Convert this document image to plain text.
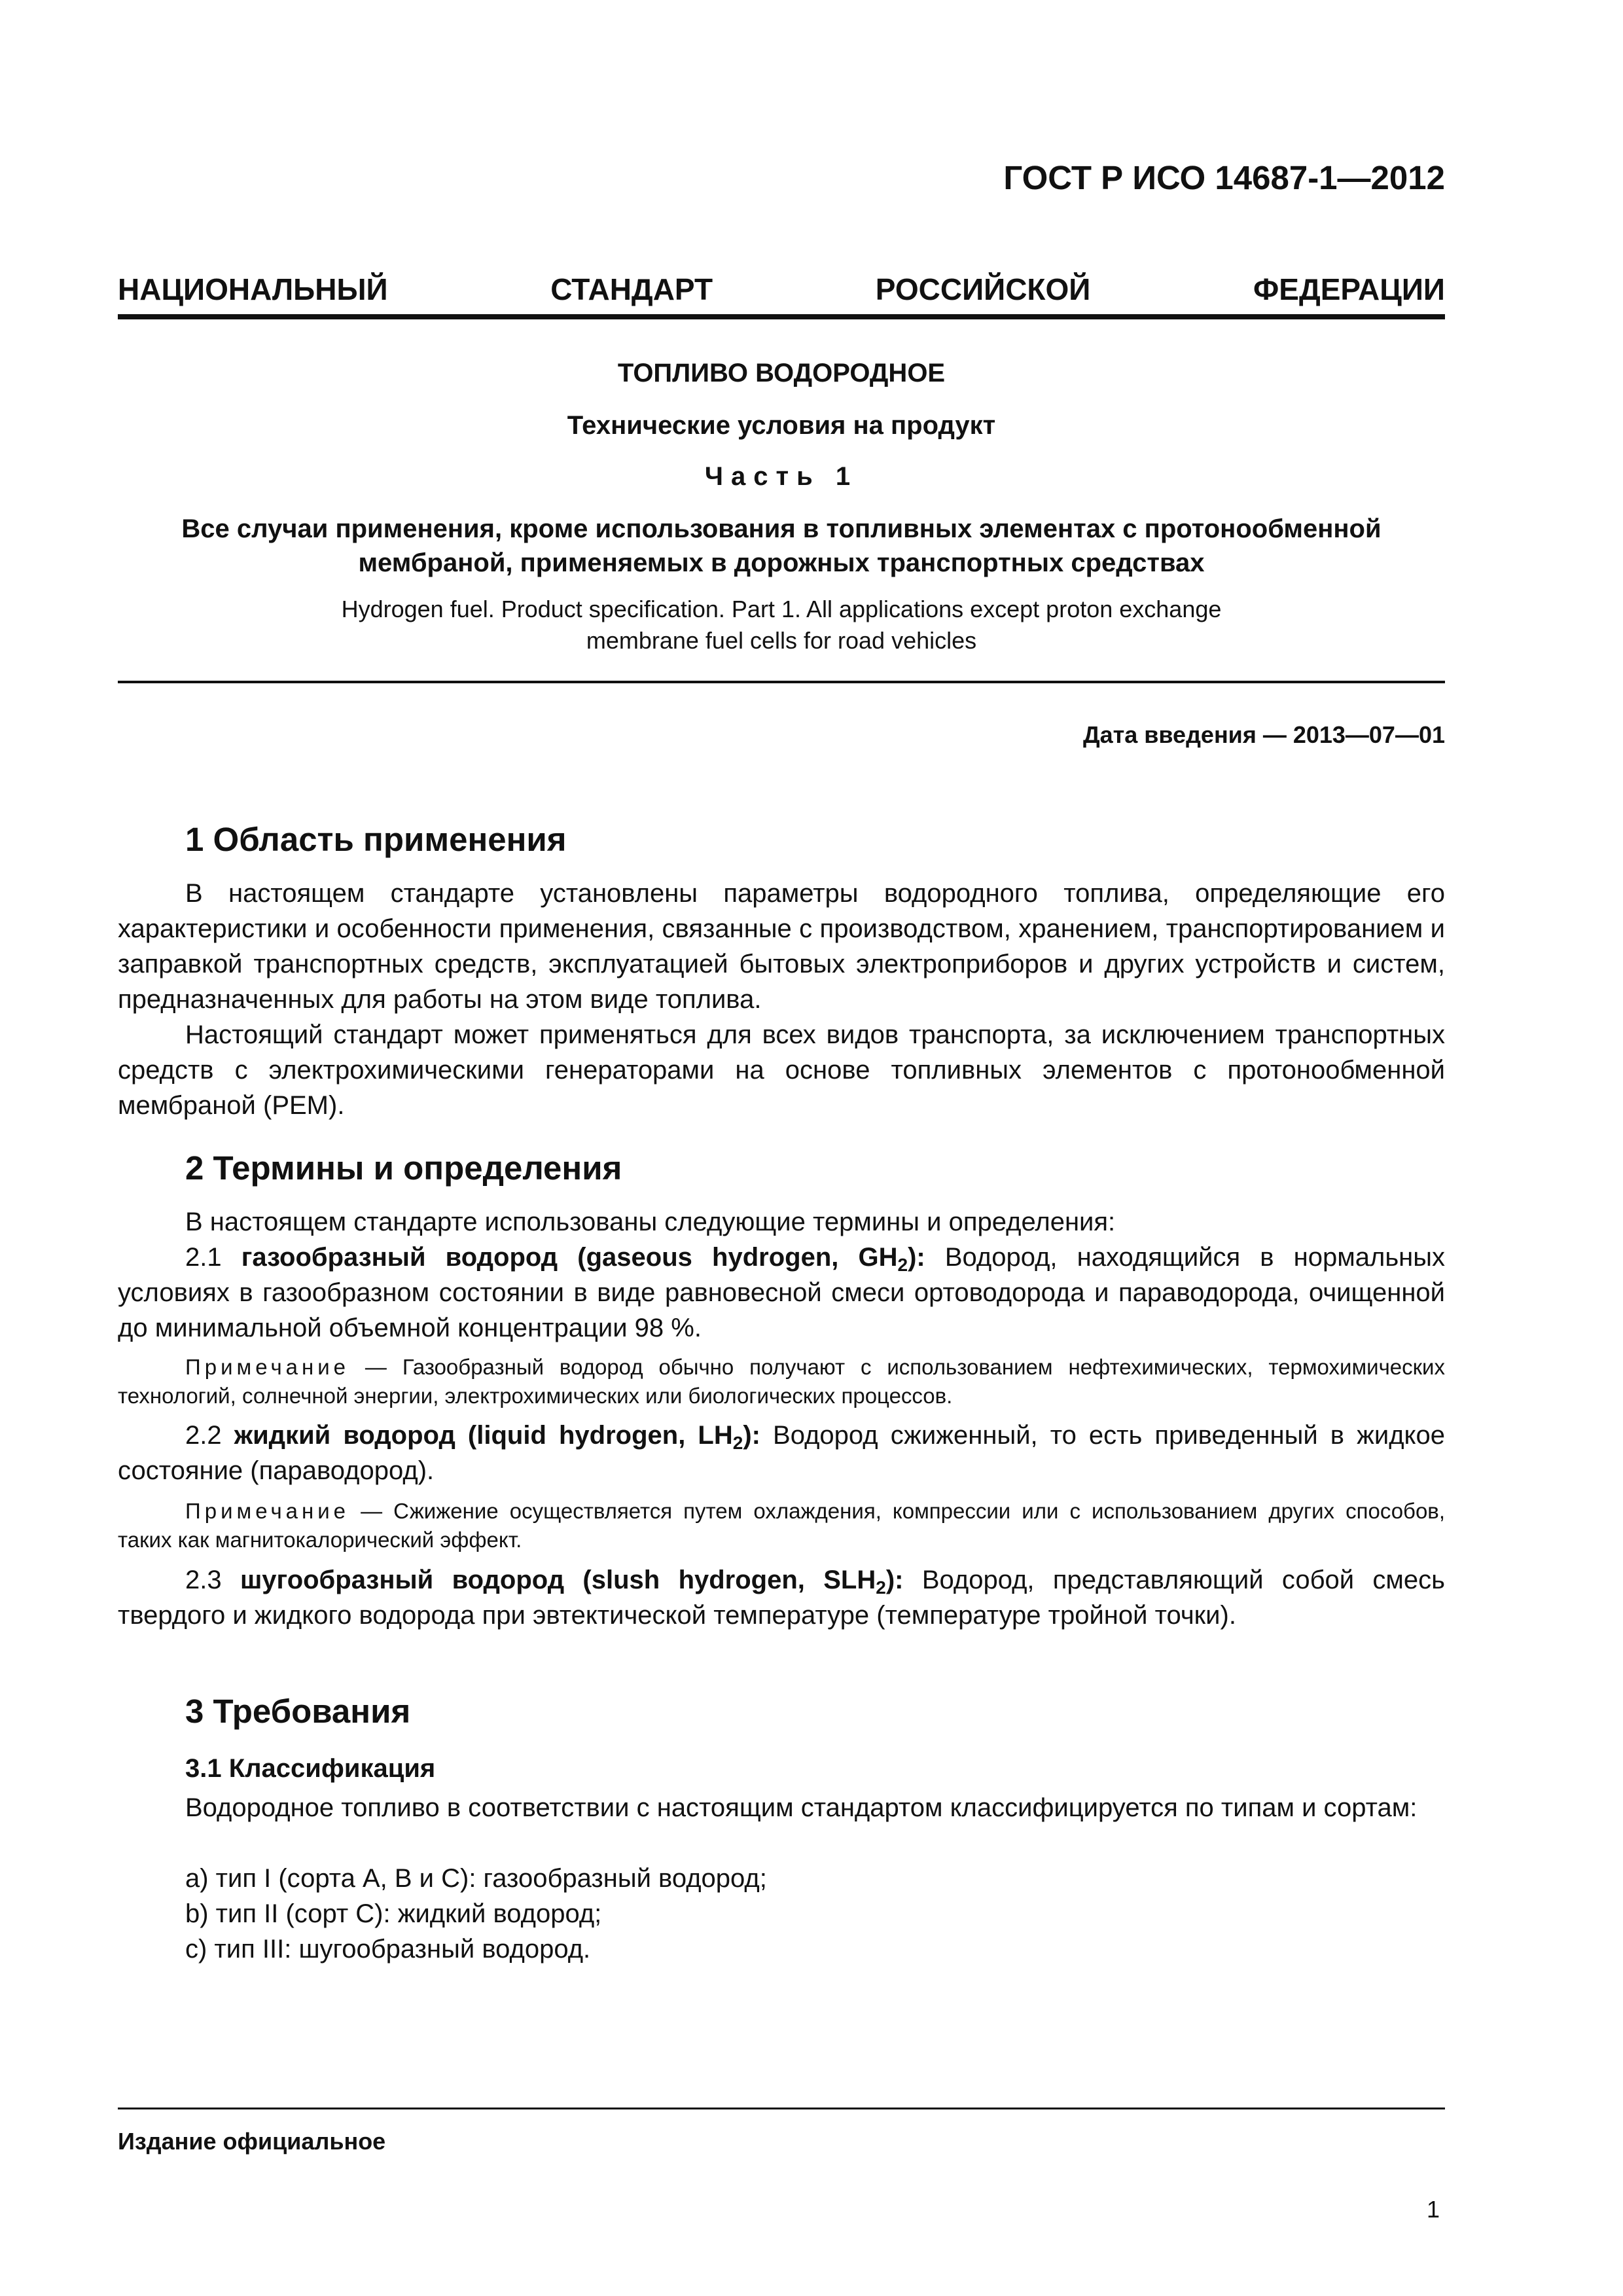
ГОСТ Р ИСО 14687-1—2012
НАЦИОНАЛЬНЫЙ	СТАНДАРТ	РОССИЙСКОЙ	ФЕДЕРАЦИИ
ТОПЛИВО ВОДОРОДНОЕ
Технические условия на продукт
Часть 1
Все случаи применения, кроме использования в топливных элементах с протонообменной
мембраной, применяемых в дорожных транспортных средствах
Hydrogen fuel. Product specification. Part 1. All applications except proton exchange
membrane fuel cells for road vehicles
Дата введения — 2013—07—01
1 Область применения

В настоящем стандарте установлены параметры водородного топлива, определяющие его характеристики и особенности применения, связанные с производством, хранением, транспортированием и заправкой транспортных средств, эксплуатацией бытовых электроприборов и других устройств и систем, предназначенных для работы на этом виде топлива.

Настоящий стандарт может применяться для всех видов транспорта, за исключением транспортных средств с электрохимическими генераторами на основе топливных элементов с протонообменной мембраной (PEM).

2 Термины и определения

В настоящем стандарте использованы следующие термины и определения:

2.1 газообразный водород (gaseous hydrogen, $GH_2$): Водород, находящийся в нормальных условиях в газообразном состоянии в виде равновесной смеси ортоводорода и параводорода, очищенной до минимальной объемной концентрации 98 %.

Примечание — Газообразный водород обычно получают с использованием нефтехимических, термохимических технологий, солнечной энергии, электрохимических или биологических процессов.

2.2 жидкий водород (liquid hydrogen, $LH_2$): Водород сжиженный, то есть приведенный в жидкое состояние (параводород).

Примечание — Сжижение осуществляется путем охлаждения, компрессии или с использованием других способов, таких как магнитокалорический эффект.

2.3 шугообразный водород (slush hydrogen, $SLH_2$): Водород, представляющий собой смесь твердого и жидкого водорода при эвтектической температуре (температуре тройной точки).

3 Требования
3.1 Классификация

Водородное топливо в соответствии с настоящим стандартом классифицируется по типам и сортам:

а) тип I (сорта А, В и С): газообразный водород;
b) тип II (сорт С): жидкий водород;
с) тип III: шугообразный водород.
Издание официальное
1
